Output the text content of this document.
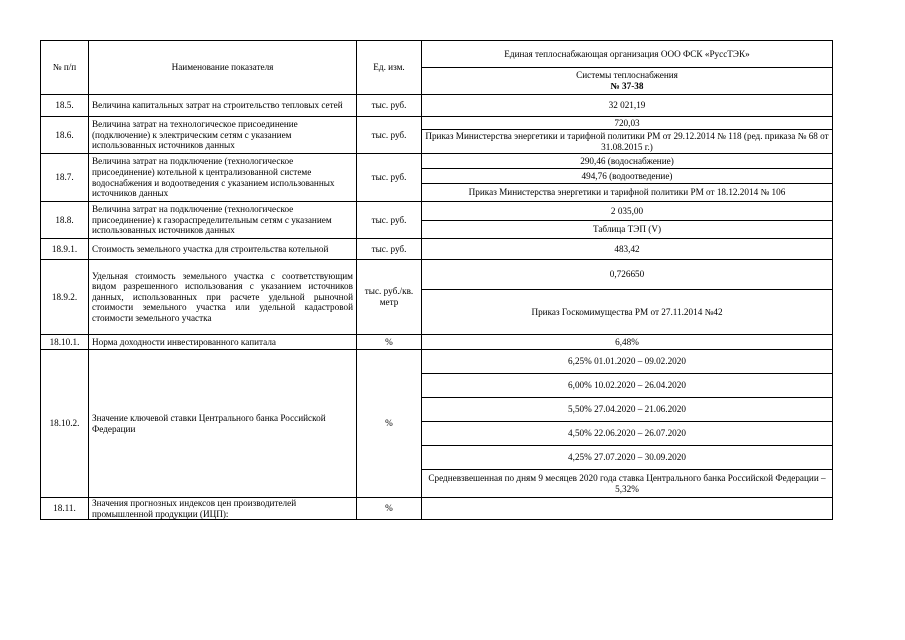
№ п/п	Наименование показателя	Ед. изм.	Единая теплоснабжающая организация ООО ФСК «РуссТЭК»

			Системы теплоснабжения
№ 37-38

18.5.	Величина капитальных затрат на строительство тепловых сетей	тыс. руб.	32 021,19
18.6.	Величина затрат на технологическое присоединение (подключение) к электрическим сетям с указанием использованных источников данных	тыс. руб.	720,03
			Приказ Министерства энергетики и тарифной политики РМ от 29.12.2014 № 118 (ред. приказа № 68 от 31.08.2015 г.)
18.7.	Величина затрат на подключение (технологическое присоединение) котельной к централизованной системе водоснабжения и водоотведения с указанием использованных источников данных	тыс. руб.	290,46 (водоснабжение)
			494,76 (водоотведение)
			Приказ Министерства энергетики и тарифной политики РМ от 18.12.2014 № 106
18.8.	Величина затрат на подключение (технологическое присоединение) к газораспределительным сетям с указанием использованных источников данных	тыс. руб.	2 035,00
			Таблица ТЭП (V)
18.9.1.	Стоимость земельного участка для строительства котельной	тыс. руб.	483,42
18.9.2.	Удельная стоимость земельного участка с соответствующим видом разрешенного использования с указанием источников данных, использованных при расчете удельной рыночной стоимости земельного участка или удельной кадастровой стоимости земельного участка	тыс. руб./кв. метр	0,726650
			Приказ Госкомимущества РМ от 27.11.2014 №42
18.10.1.	Норма доходности инвестированного капитала	%	6,48%
18.10.2.	Значение ключевой ставки Центрального банка Российской Федерации	%	6,25% 01.01.2020 – 09.02.2020
			6,00% 10.02.2020 – 26.04.2020
			5,50% 27.04.2020 – 21.06.2020
			4,50% 22.06.2020 – 26.07.2020
			4,25% 27.07.2020 – 30.09.2020
			Средневзвешенная по дням 9 месяцев 2020 года ставка Центрального банка Российской Федерации – 5,32%
18.11.	Значения прогнозных индексов цен производителей промышленной продукции (ИЦП):	%	
